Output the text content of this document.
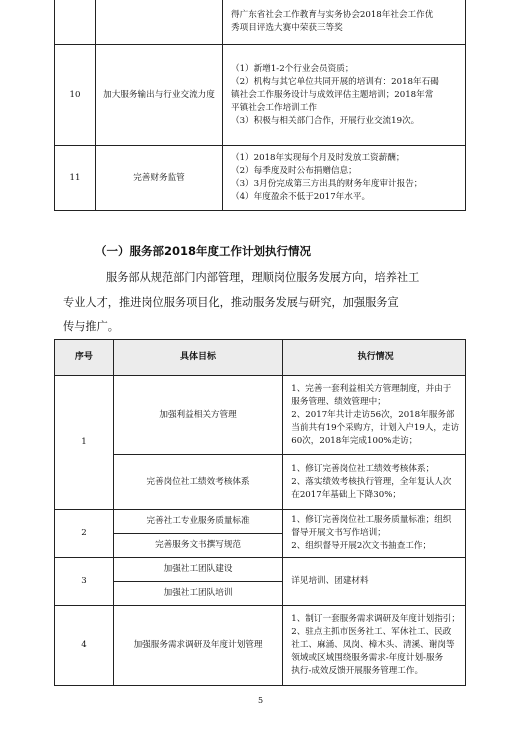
		得广东省社会工作教育与实务协会2018年社会工作优
秀项目评选大赛中荣获三等奖

10	加大服务输出与行业交流力度	（1）新增1-2个行业会员资质；
（2）机构与其它单位共同开展的培训有：2018年石碣
镇社会工作服务设计与成效评估主题培训；2018年常
平镇社会工作培训工作
（3）积极与相关部门合作，开展行业交流19次。

11	完善财务监管	（1）2018年实现每个月及时发放工资薪酬；
（2）每季度及时公布捐赠信息；
（3）3月份完成第三方出具的财务年度审计报告；
（4）年度盈余不低于2017年水平。
（一）服务部2018年度工作计划执行情况
服务部从规范部门内部管理，理顺岗位服务发展方向，培养社工
专业人才，推进岗位服务项目化，推动服务发展与研究，加强服务宣
传与推广。
序号	具体目标	执行情况
1	加强利益相关方管理	1、完善一套利益相关方管理制度，并由于
服务管理、绩效管理中；
2、2017年共计走访56次，2018年服务部
当前共有19个采购方，计划入户19人，走访
60次，2018年完成100%走访；

	完善岗位社工绩效考核体系	1、修订完善岗位社工绩效考核体系；
2、落实绩效考核执行管理，全年复认人次
在2017年基础上下降30%；

2	完善社工专业服务质量标准	1、修订完善岗位社工服务质量标准；组织
督导开展文书写作培训；
2、组织督导开展2次文书抽查工作；

	完善服务文书撰写规范	
3	加强社工团队建设	详见培训、团建材料

	加强社工团队培训	
4	加强服务需求调研及年度计划管理	1、制订一套服务需求调研及年度计划指引；
2、驻点主抓市医务社工、军休社工、民政
社工、麻涌、凤岗、樟木头、清溪、谢岗等
领域或区域围绕服务需求-年度计划-服务
执行-成效反馈开展服务管理工作。
5
